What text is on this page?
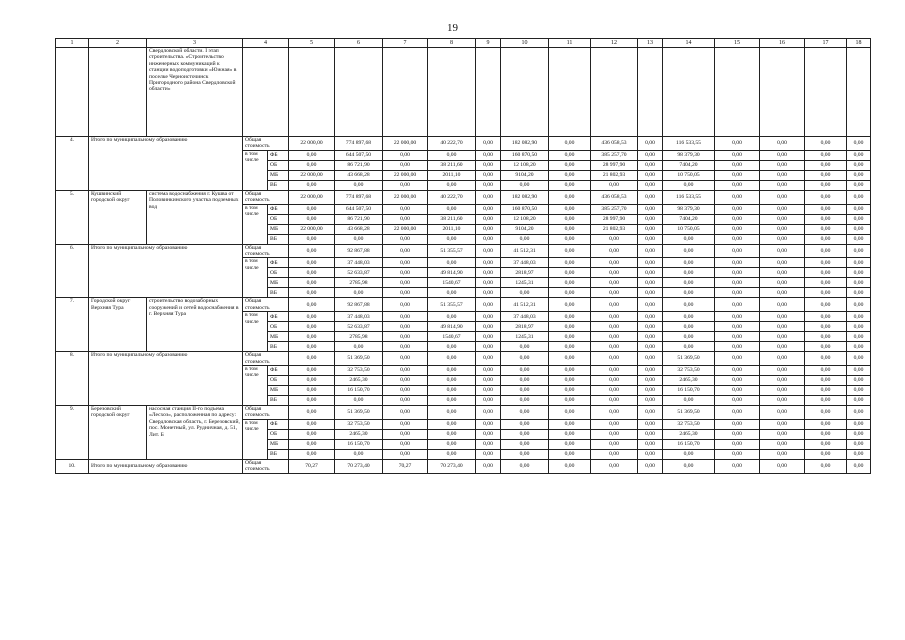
19
1	2	3	4		5	6	7	8	9	10	11	12	13	14	15	16	17	18
		Свердловской области. I этап строительства. «Строительство инженерных коммуникаций к станции водоподготовки «Южная» в поселке Черноисточинск Пригородного района Свердловской области»																
4.	Итого по муниципальному образованию		Общая стоимость		22 000,00	774 897,68	22 000,00	40 222,70	0,00	182 082,90	0,00	436 058,53	0,00	116 533,55	0,00	0,00	0,00	0,00
			в том числе	ФБ	0,00	644 507,50	0,00	0,00	0,00	160 870,50	0,00	385 257,70	0,00	98 379,30	0,00	0,00	0,00	0,00
				ОБ	0,00	86 721,90	0,00	38 211,60	0,00	12 108,20	0,00	28 997,90	0,00	7404,20	0,00	0,00	0,00	0,00
				МБ	22 000,00	43 668,28	22 000,00	2011,10	0,00	9104,20	0,00	21 802,93	0,00	10 750,05	0,00	0,00	0,00	0,00
				ВБ	0,00	0,00	0,00	0,00	0,00	0,00	0,00	0,00	0,00	0,00	0,00	0,00	0,00	0,00
5.	Кушвинский городской округ	система водоснабжения г. Кушва от Половинкинского участка подземных вод	Общая стоимость		22 000,00	774 897,68	22 000,00	40 222,70	0,00	182 082,90	0,00	436 058,53	0,00	116 533,55	0,00	0,00	0,00	0,00
			в том числе	ФБ	0,00	644 507,50	0,00	0,00	0,00	160 870,50	0,00	385 257,70	0,00	98 379,30	0,00	0,00	0,00	0,00
				ОБ	0,00	86 721,90	0,00	38 211,60	0,00	12 108,20	0,00	28 997,90	0,00	7404,20	0,00	0,00	0,00	0,00
				МБ	22 000,00	43 668,28	22 000,00	2011,10	0,00	9104,20	0,00	21 802,93	0,00	10 750,05	0,00	0,00	0,00	0,00
				ВБ	0,00	0,00	0,00	0,00	0,00	0,00	0,00	0,00	0,00	0,00	0,00	0,00	0,00	0,00
6.	Итого по муниципальному образованию		Общая стоимость		0,00	92 867,88	0,00	51 355,57	0,00	41 512,31	0,00	0,00	0,00	0,00	0,00	0,00	0,00	0,00
			в том числе	ФБ	0,00	37 448,03	0,00	0,00	0,00	37 448,03	0,00	0,00	0,00	0,00	0,00	0,00	0,00	0,00
				ОБ	0,00	52 633,87	0,00	49 814,90	0,00	2818,97	0,00	0,00	0,00	0,00	0,00	0,00	0,00	0,00
				МБ	0,00	2785,98	0,00	1540,67	0,00	1245,31	0,00	0,00	0,00	0,00	0,00	0,00	0,00	0,00
				ВБ	0,00	0,00	0,00	0,00	0,00	0,00	0,00	0,00	0,00	0,00	0,00	0,00	0,00	0,00
7.	Городской округ Верхняя Тура	строительство водозаборных сооружений и сетей водоснабжения в г. Верхняя Тура	Общая стоимость		0,00	92 867,88	0,00	51 355,57	0,00	41 512,31	0,00	0,00	0,00	0,00	0,00	0,00	0,00	0,00
			в том числе	ФБ	0,00	37 448,03	0,00	0,00	0,00	37 448,03	0,00	0,00	0,00	0,00	0,00	0,00	0,00	0,00
				ОБ	0,00	52 633,87	0,00	49 814,90	0,00	2818,97	0,00	0,00	0,00	0,00	0,00	0,00	0,00	0,00
				МБ	0,00	2785,98	0,00	1540,67	0,00	1245,31	0,00	0,00	0,00	0,00	0,00	0,00	0,00	0,00
				ВБ	0,00	0,00	0,00	0,00	0,00	0,00	0,00	0,00	0,00	0,00	0,00	0,00	0,00	0,00
8.	Итого по муниципальному образованию		Общая стоимость		0,00	51 369,50	0,00	0,00	0,00	0,00	0,00	0,00	0,00	51 369,50	0,00	0,00	0,00	0,00
			в том числе	ФБ	0,00	32 753,50	0,00	0,00	0,00	0,00	0,00	0,00	0,00	32 753,50	0,00	0,00	0,00	0,00
				ОБ	0,00	2465,30	0,00	0,00	0,00	0,00	0,00	0,00	0,00	2465,30	0,00	0,00	0,00	0,00
				МБ	0,00	16 150,70	0,00	0,00	0,00	0,00	0,00	0,00	0,00	16 150,70	0,00	0,00	0,00	0,00
				ВБ	0,00	0,00	0,00	0,00	0,00	0,00	0,00	0,00	0,00	0,00	0,00	0,00	0,00	0,00
9.	Березовский городской округ	насосная станция II-го подъема «Лесхоз», расположенная по адресу: Свердловская область, г. Березовский, пос. Монетный, ул. Рудничная, д. 51, Лит. Б	Общая стоимость		0,00	51 369,50	0,00	0,00	0,00	0,00	0,00	0,00	0,00	51 369,50	0,00	0,00	0,00	0,00
			в том числе	ФБ	0,00	32 753,50	0,00	0,00	0,00	0,00	0,00	0,00	0,00	32 753,50	0,00	0,00	0,00	0,00
				ОБ	0,00	2465,30	0,00	0,00	0,00	0,00	0,00	0,00	0,00	2465,30	0,00	0,00	0,00	0,00
				МБ	0,00	16 150,70	0,00	0,00	0,00	0,00	0,00	0,00	0,00	16 150,70	0,00	0,00	0,00	0,00
				ВБ	0,00	0,00	0,00	0,00	0,00	0,00	0,00	0,00	0,00	0,00	0,00	0,00	0,00	0,00
10.	Итого по муниципальному образованию		Общая стоимость		70,27	70 273,40	70,27	70 273,40	0,00	0,00	0,00	0,00	0,00	0,00	0,00	0,00	0,00	0,00
